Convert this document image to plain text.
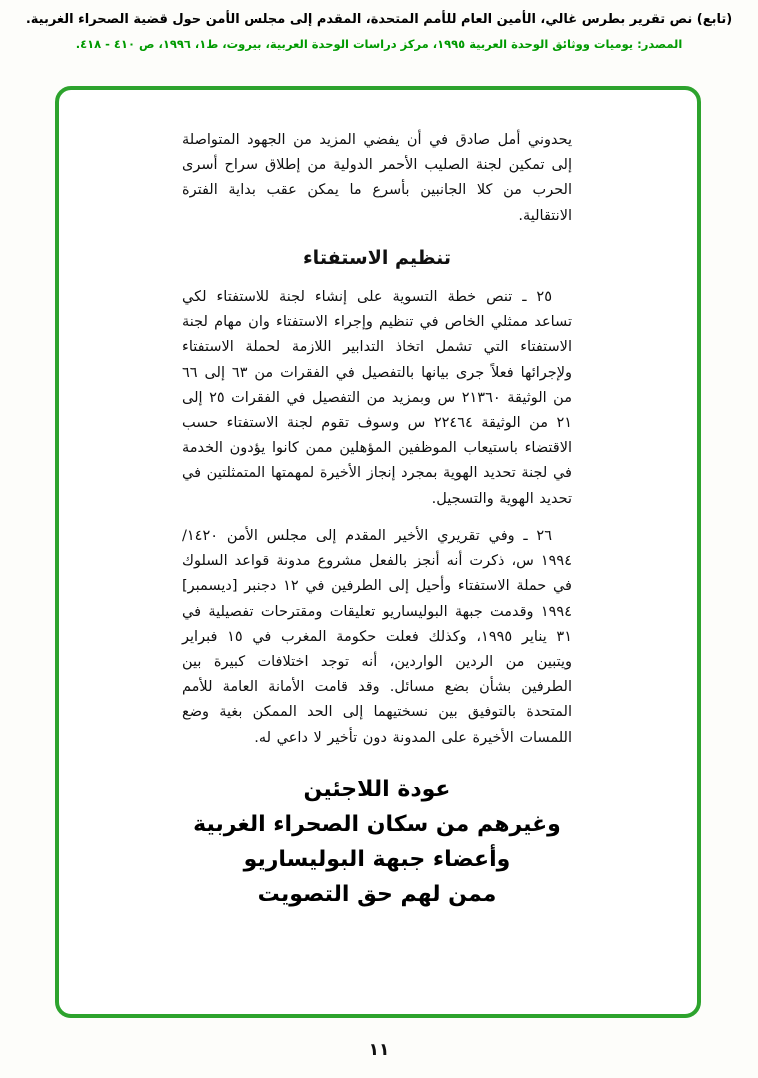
(تابع) نص تقرير بطرس غالي، الأمين العام للأمم المتحدة، المقدم إلى مجلس الأمن حول قضية الصحراء الغربية.
المصدر: يوميات ووثائق الوحدة العربية ١٩٩٥، مركز دراسات الوحدة العربية، بيروت، ط١، ١٩٩٦، ص ٤١٠ - ٤١٨.

يحدوني أمل صادق في أن يفضي المزيد من الجهود المتواصلة إلى تمكين لجنة الصليب الأحمر الدولية من إطلاق سراح أسرى الحرب من كلا الجانبين بأسرع ما يمكن عقب بداية الفترة الانتقالية.

تنظيم الاستفتاء

٢٥ ـ تنص خطة التسوية على إنشاء لجنة للاستفتاء لكي تساعد ممثلي الخاص في تنظيم وإجراء الاستفتاء وان مهام لجنة الاستفتاء التي تشمل اتخاذ التدابير اللازمة لحملة الاستفتاء ولإجرائها فعلاً جرى بيانها بالتفصيل في الفقرات من ٦٣ إلى ٦٦ من الوثيقة ٢١٣٦٠ س وبمزيد من التفصيل في الفقرات ٢٥ إلى ٢١ من الوثيقة ٢٢٤٦٤ س وسوف تقوم لجنة الاستفتاء حسب الاقتضاء باستيعاب الموظفين المؤهلين ممن كانوا يؤدون الخدمة في لجنة تحديد الهوية بمجرد إنجاز الأخيرة لمهمتها المتمثلتين في تحديد الهوية والتسجيل.

٢٦ ـ وفي تقريري الأخير المقدم إلى مجلس الأمن ١٤٢٠/ ١٩٩٤ س، ذكرت أنه أنجز بالفعل مشروع مدونة قواعد السلوك في حملة الاستفتاء وأحيل إلى الطرفين في ١٢ دجنبر [ديسمبر] ١٩٩٤ وقدمت جبهة البوليساريو تعليقات ومقترحات تفصيلية في ٣١ يناير ١٩٩٥، وكذلك فعلت حكومة المغرب في ١٥ فبراير ويتبين من الردين الواردين، أنه توجد اختلافات كبيرة بين الطرفين بشأن بضع مسائل. وقد قامت الأمانة العامة للأمم المتحدة بالتوفيق بين نسختيهما إلى الحد الممكن بغية وضع اللمسات الأخيرة على المدونة دون تأخير لا داعي له.

عودة اللاجئين
وغيرهم من سكان الصحراء الغربية
وأعضاء جبهة البوليساريو
ممن لهم حق التصويت
١١
